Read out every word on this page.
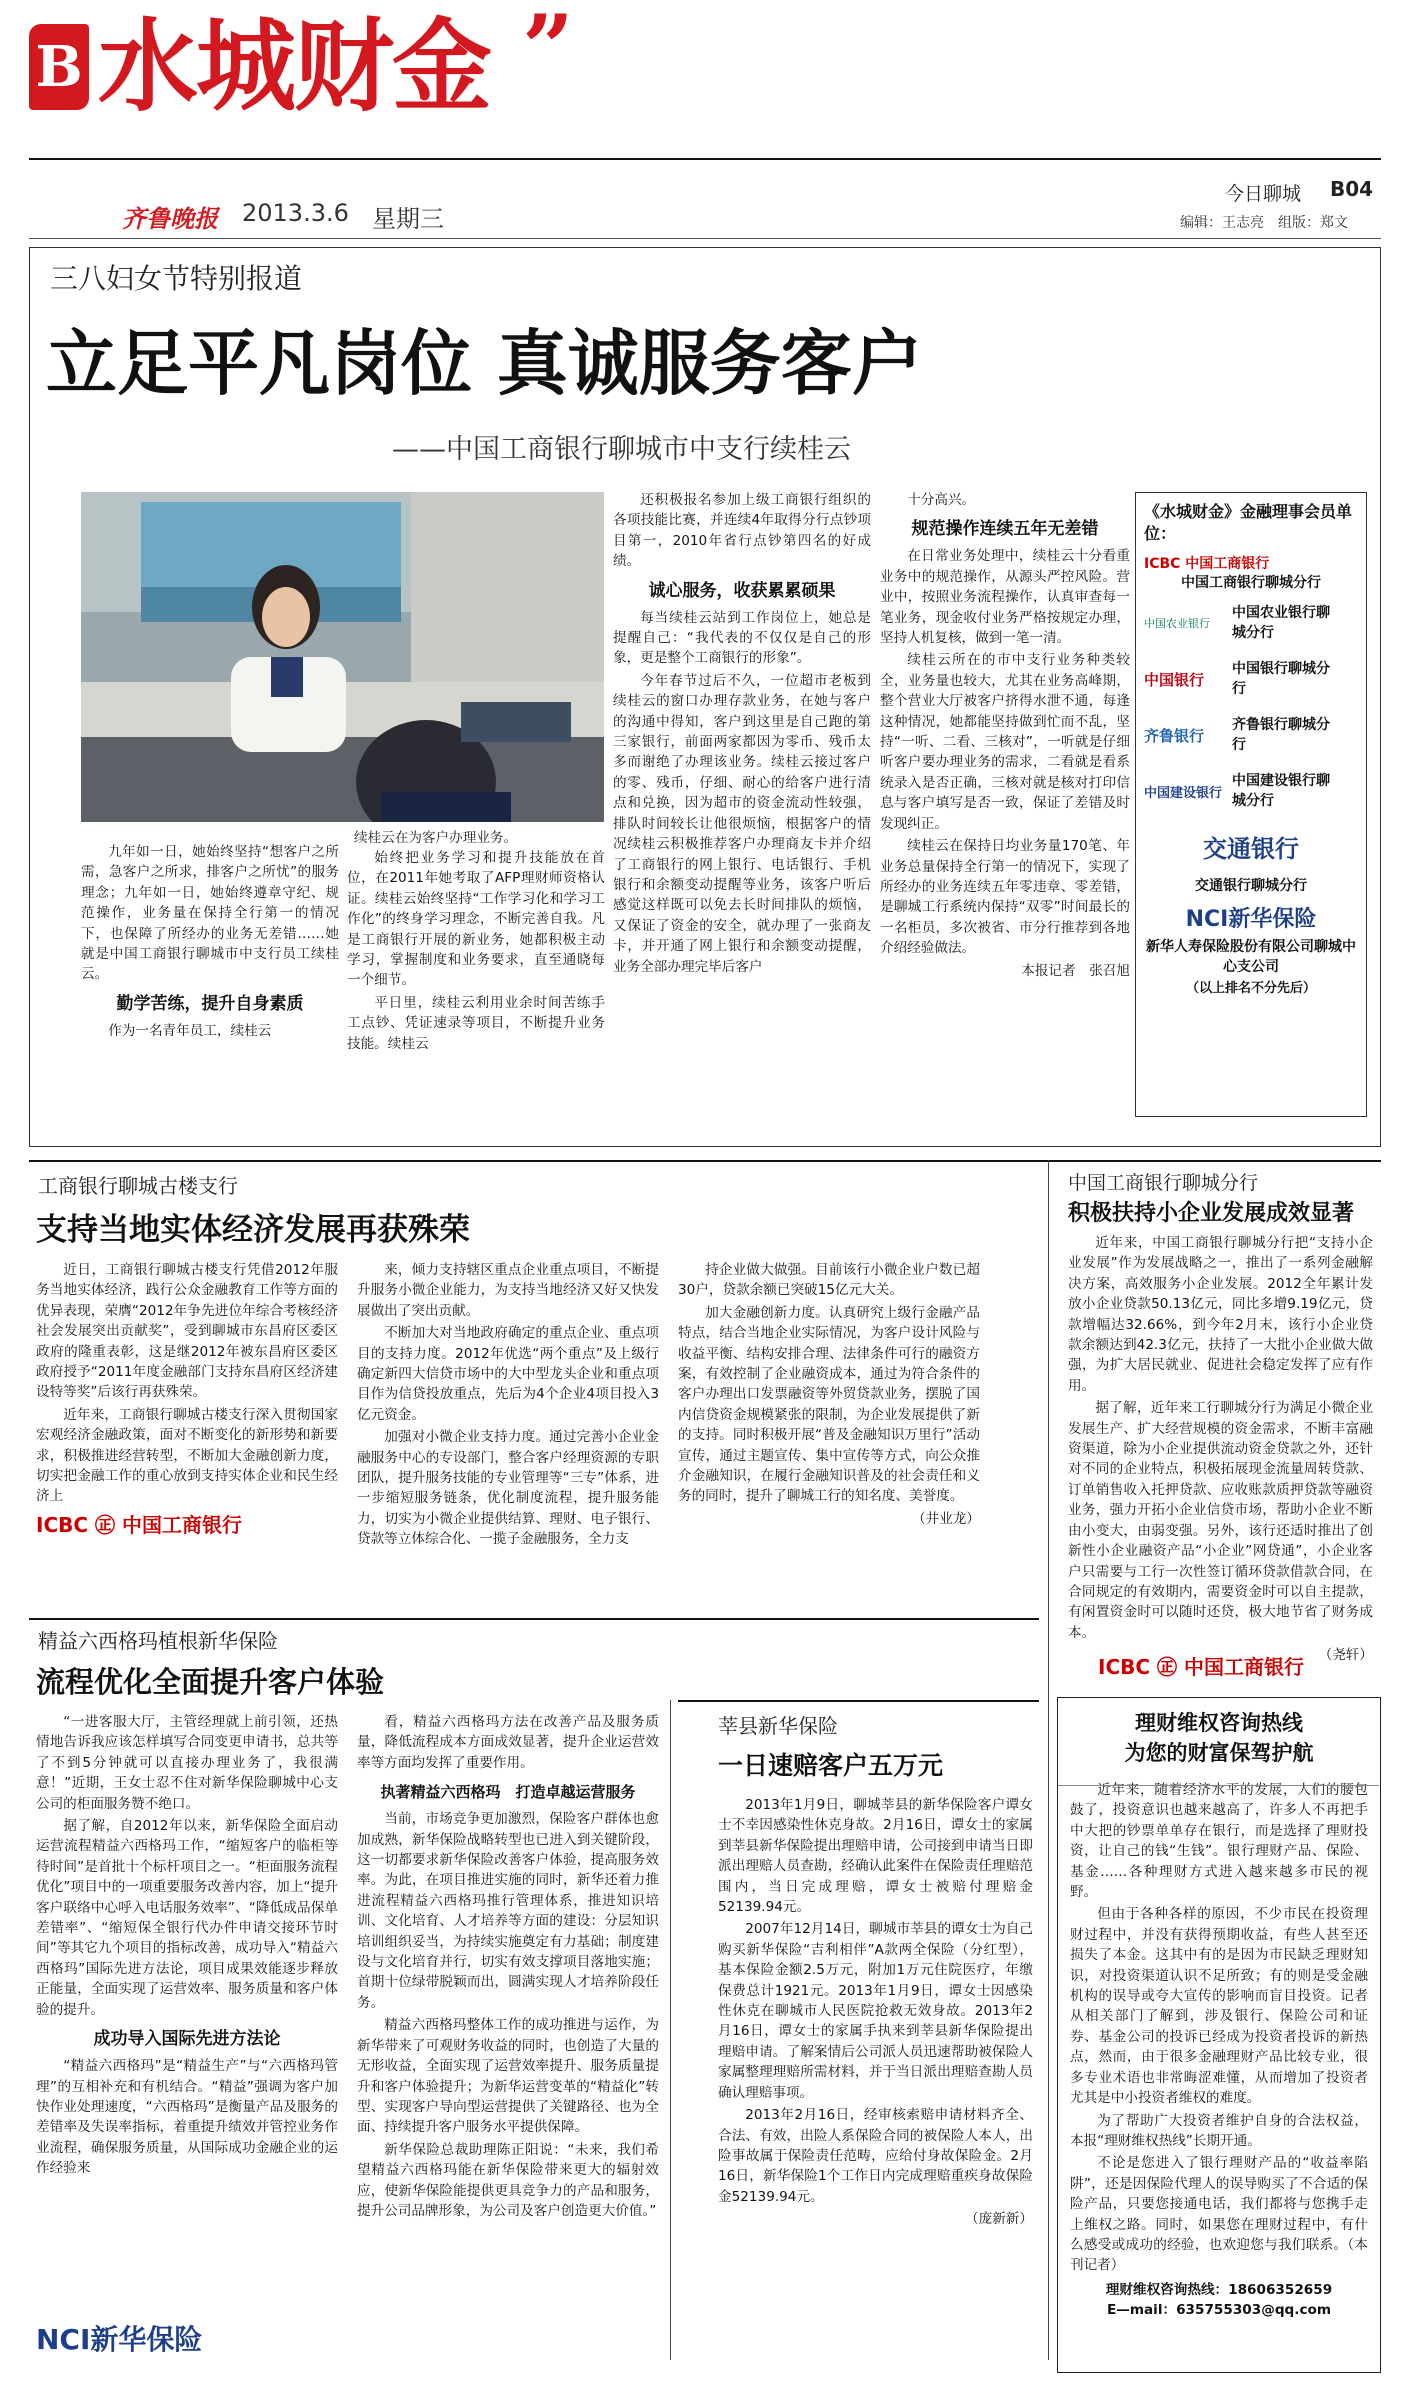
B 水城财金 ”
齐鲁晚报 2013.3.6 星期三
今日聊城 B04
编辑：王志亮　组版：郑文
三八妇女节特别报道
立足平凡岗位 真诚服务客户
——中国工商银行聊城市中支行续桂云
续桂云在为客户办理业务。

九年如一日，她始终坚持“想客户之所需，急客户之所求，排客户之所忧”的服务理念；九年如一日，她始终遵章守纪、规范操作，业务量在保持全行第一的情况下，也保障了所经办的业务无差错……她就是中国工商银行聊城市中支行员工续桂云。

勤学苦练，提升自身素质

作为一名青年员工，续桂云

始终把业务学习和提升技能放在首位，在2011年她考取了AFP理财师资格认证。续桂云始终坚持“工作学习化和学习工作化”的终身学习理念，不断完善自我。凡是工商银行开展的新业务，她都积极主动学习，掌握制度和业务要求，直至通晓每一个细节。

平日里，续桂云利用业余时间苦练手工点钞、凭证速录等项目，不断提升业务技能。续桂云

还积极报名参加上级工商银行组织的各项技能比赛，并连续4年取得分行点钞项目第一，2010年省行点钞第四名的好成绩。

诚心服务，收获累累硕果

每当续桂云站到工作岗位上，她总是提醒自己：“我代表的不仅仅是自己的形象，更是整个工商银行的形象”。

今年春节过后不久，一位超市老板到续桂云的窗口办理存款业务，在她与客户的沟通中得知，客户到这里是自己跑的第三家银行，前面两家都因为零币、残币太多而谢绝了办理该业务。续桂云接过客户的零、残币，仔细、耐心的给客户进行清点和兑换，因为超市的资金流动性较强，排队时间较长让他很烦恼，根据客户的情况续桂云积极推荐客户办理商友卡并介绍了工商银行的网上银行、电话银行、手机银行和余额变动提醒等业务，该客户听后感觉这样既可以免去长时间排队的烦恼，又保证了资金的安全，就办理了一张商友卡，并开通了网上银行和余额变动提醒，业务全部办理完毕后客户

十分高兴。

规范操作连续五年无差错

在日常业务处理中，续桂云十分看重业务中的规范操作，从源头严控风险。营业中，按照业务流程操作，认真审查每一笔业务，现金收付业务严格按规定办理，坚持人机复核，做到一笔一清。

续桂云所在的市中支行业务种类较全，业务量也较大，尤其在业务高峰期，整个营业大厅被客户挤得水泄不通，每逢这种情况，她都能坚持做到忙而不乱，坚持“一听、二看、三核对”，一听就是仔细听客户要办理业务的需求，二看就是看系统录入是否正确，三核对就是核对打印信息与客户填写是否一致，保证了差错及时发现纠正。

续桂云在保持日均业务量170笔、年业务总量保持全行第一的情况下，实现了所经办的业务连续五年零违章、零差错，是聊城工行系统内保持“双零”时间最长的一名柜员，多次被省、市分行推荐到各地介绍经验做法。

本报记者　张召旭
《水城财金》金融理事会员单位：
ICBC 中国工商银行
中国工商银行聊城分行
中国农业银行
中国农业银行聊城分行
中国银行
中国银行聊城分行
齐鲁银行
齐鲁银行聊城分行
中国建设银行
中国建设银行聊城分行
交通银行
交通银行聊城分行
NCI新华保险
新华人寿保险股份有限公司聊城中心支公司
（以上排名不分先后）
工商银行聊城古楼支行
支持当地实体经济发展再获殊荣

近日，工商银行聊城古楼支行凭借2012年服务当地实体经济，践行公众金融教育工作等方面的优异表现，荣膺“2012年争先进位年综合考核经济社会发展突出贡献奖”，受到聊城市东昌府区委区政府的隆重表彰，这是继2012年被东昌府区委区政府授予“2011年度金融部门支持东昌府区经济建设特等奖”后该行再获殊荣。

近年来，工商银行聊城古楼支行深入贯彻国家宏观经济金融政策，面对不断变化的新形势和新要求，积极推进经营转型，不断加大金融创新力度，切实把金融工作的重心放到支持实体企业和民生经济上

ICBC ㊣ 中国工商银行

来，倾力支持辖区重点企业重点项目，不断提升服务小微企业能力，为支持当地经济又好又快发展做出了突出贡献。

不断加大对当地政府确定的重点企业、重点项目的支持力度。2012年优选“两个重点”及上级行确定新四大信贷市场中的大中型龙头企业和重点项目作为信贷投放重点，先后为4个企业4项目投入3亿元资金。

加强对小微企业支持力度。通过完善小企业金融服务中心的专设部门，整合客户经理资源的专职团队，提升服务技能的专业管理等“三专”体系，进一步缩短服务链条，优化制度流程，提升服务能力，切实为小微企业提供结算、理财、电子银行、贷款等立体综合化、一揽子金融服务，全力支

持企业做大做强。目前该行小微企业户数已超30户，贷款余额已突破15亿元大关。

加大金融创新力度。认真研究上级行金融产品特点，结合当地企业实际情况，为客户设计风险与收益平衡、结构安排合理、法律条件可行的融资方案，有效控制了企业融资成本，通过为符合条件的客户办理出口发票融资等外贸贷款业务，摆脱了国内信贷资金规模紧张的限制，为企业发展提供了新的支持。同时积极开展“普及金融知识万里行”活动宣传，通过主题宣传、集中宣传等方式，向公众推介金融知识，在履行金融知识普及的社会责任和义务的同时，提升了聊城工行的知名度、美誉度。

（井业龙）
中国工商银行聊城分行
积极扶持小企业发展成效显著

近年来，中国工商银行聊城分行把“支持小企业发展”作为发展战略之一，推出了一系列金融解决方案，高效服务小企业发展。2012全年累计发放小企业贷款50.13亿元，同比多增9.19亿元，贷款增幅达32.66%，到今年2月末，该行小企业贷款余额达到42.3亿元，扶持了一大批小企业做大做强，为扩大居民就业、促进社会稳定发挥了应有作用。

据了解，近年来工行聊城分行为满足小微企业发展生产、扩大经营规模的资金需求，不断丰富融资渠道，除为小企业提供流动资金贷款之外，还针对不同的企业特点，积极拓展现金流量周转贷款、订单销售收入托押贷款、应收账款质押贷款等融资业务，强力开拓小企业信贷市场，帮助小企业不断由小变大，由弱变强。另外，该行还适时推出了创新性小企业融资产品“小企业”网贷通”，小企业客户只需要与工行一次性签订循环贷款借款合同，在合同规定的有效期内，需要资金时可以自主提款，有闲置资金时可以随时还贷，极大地节省了财务成本。

（尧轩）
ICBC ㊣ 中国工商银行
精益六西格玛植根新华保险
流程优化全面提升客户体验

“一进客服大厅，主管经理就上前引领，还热情地告诉我应该怎样填写合同变更申请书，总共等了不到5分钟就可以直接办理业务了，我很满意！”近期，王女士忍不住对新华保险聊城中心支公司的柜面服务赞不绝口。

据了解，自2012年以来，新华保险全面启动运营流程精益六西格玛工作，“缩短客户的临柜等待时间”是首批十个标杆项目之一。“柜面服务流程优化”项目中的一项重要服务改善内容，加上“提升客户联络中心呼入电话服务效率”、“降低成品保单差错率”、“缩短保全银行代办件申请交接环节时间”等其它九个项目的指标改善，成功导入“精益六西格玛”国际先进方法论，项目成果效能逐步释放正能量，全面实现了运营效率、服务质量和客户体验的提升。

成功导入国际先进方法论

“精益六西格玛”是“精益生产”与“六西格玛管理”的互相补充和有机结合。“精益”强调为客户加快作业处理速度，“六西格玛”是衡量产品及服务的差错率及失误率指标，着重提升绩效并管控业务作业流程，确保服务质量，从国际成功金融企业的运作经验来

NCI新华保险

看，精益六西格玛方法在改善产品及服务质量，降低流程成本方面成效显著，提升企业运营效率等方面均发挥了重要作用。

执著精益六西格玛　打造卓越运营服务

当前，市场竞争更加激烈，保险客户群体也愈加成熟，新华保险战略转型也已进入到关键阶段，这一切都要求新华保险改善客户体验，提高服务效率。为此，在项目推进实施的同时，新华还着力推进流程精益六西格玛推行管理体系，推进知识培训、文化培育、人才培养等方面的建设：分层知识培训组织妥当，为持续实施奠定有力基础；制度建设与文化培育并行，切实有效支撑项目落地实施；首期十位绿带脱颖而出，圆满实现人才培养阶段任务。

精益六西格玛整体工作的成功推进与运作，为新华带来了可观财务收益的同时，也创造了大量的无形收益，全面实现了运营效率提升、服务质量提升和客户体验提升；为新华运营变革的“精益化”转型、实现客户导向型运营提供了关键路径、也为全面、持续提升客户服务水平提供保障。

新华保险总裁助理陈正阳说：“未来，我们希望精益六西格玛能在新华保险带来更大的辐射效应，使新华保险能提供更具竞争力的产品和服务，提升公司品牌形象，为公司及客户创造更大价值。”

莘县新华保险
一日速赔客户五万元

2013年1月9日，聊城莘县的新华保险客户谭女士不幸因感染性休克身故。2月16日，谭女士的家属到莘县新华保险提出理赔申请，公司接到申请当日即派出理赔人员查勘，经确认此案件在保险责任理赔范围内，当日完成理赔，谭女士被赔付理赔金52139.94元。

2007年12月14日，聊城市莘县的谭女士为自己购买新华保险“吉利相伴”A款两全保险（分红型），基本保险金额2.5万元，附加1万元住院医疗，年缴保费总计1921元。2013年1月9日，谭女士因感染性休克在聊城市人民医院抢救无效身故。2013年2月16日，谭女士的家属手执来到莘县新华保险提出理赔申请。了解案情后公司派人员迅速帮助被保险人家属整理理赔所需材料，并于当日派出理赔查勘人员确认理赔事项。

2013年2月16日，经审核索赔申请材料齐全、合法、有效，出险人系保险合同的被保险人本人，出险事故属于保险责任范畴，应给付身故保险金。2月16日，新华保险1个工作日内完成理赔重疾身故保险金52139.94元。

（庞新新）
理财维权咨询热线
为您的财富保驾护航

近年来，随着经济水平的发展，人们的腰包鼓了，投资意识也越来越高了，许多人不再把手中大把的钞票单单存在银行，而是选择了理财投资，让自己的钱“生钱”。银行理财产品、保险、基金……各种理财方式进入越来越多市民的视野。

但由于各种各样的原因，不少市民在投资理财过程中，并没有获得预期收益，有些人甚至还损失了本金。这其中有的是因为市民缺乏理财知识，对投资渠道认识不足所致；有的则是受金融机构的误导或夸大宣传的影响而盲目投资。记者从相关部门了解到，涉及银行、保险公司和证券、基金公司的投诉已经成为投资者投诉的新热点，然而，由于很多金融理财产品比较专业，很多专业术语也非常晦涩难懂，从而增加了投资者尤其是中小投资者维权的难度。

为了帮助广大投资者维护自身的合法权益，本报“理财维权热线”长期开通。

不论是您进入了银行理财产品的“收益率陷阱”，还是因保险代理人的误导购买了不合适的保险产品，只要您接通电话，我们都将与您携手走上维权之路。同时，如果您在理财过程中，有什么感受或成功的经验，也欢迎您与我们联系。（本刊记者）

理财维权咨询热线：18606352659
E—mail：635755303@qq.com
